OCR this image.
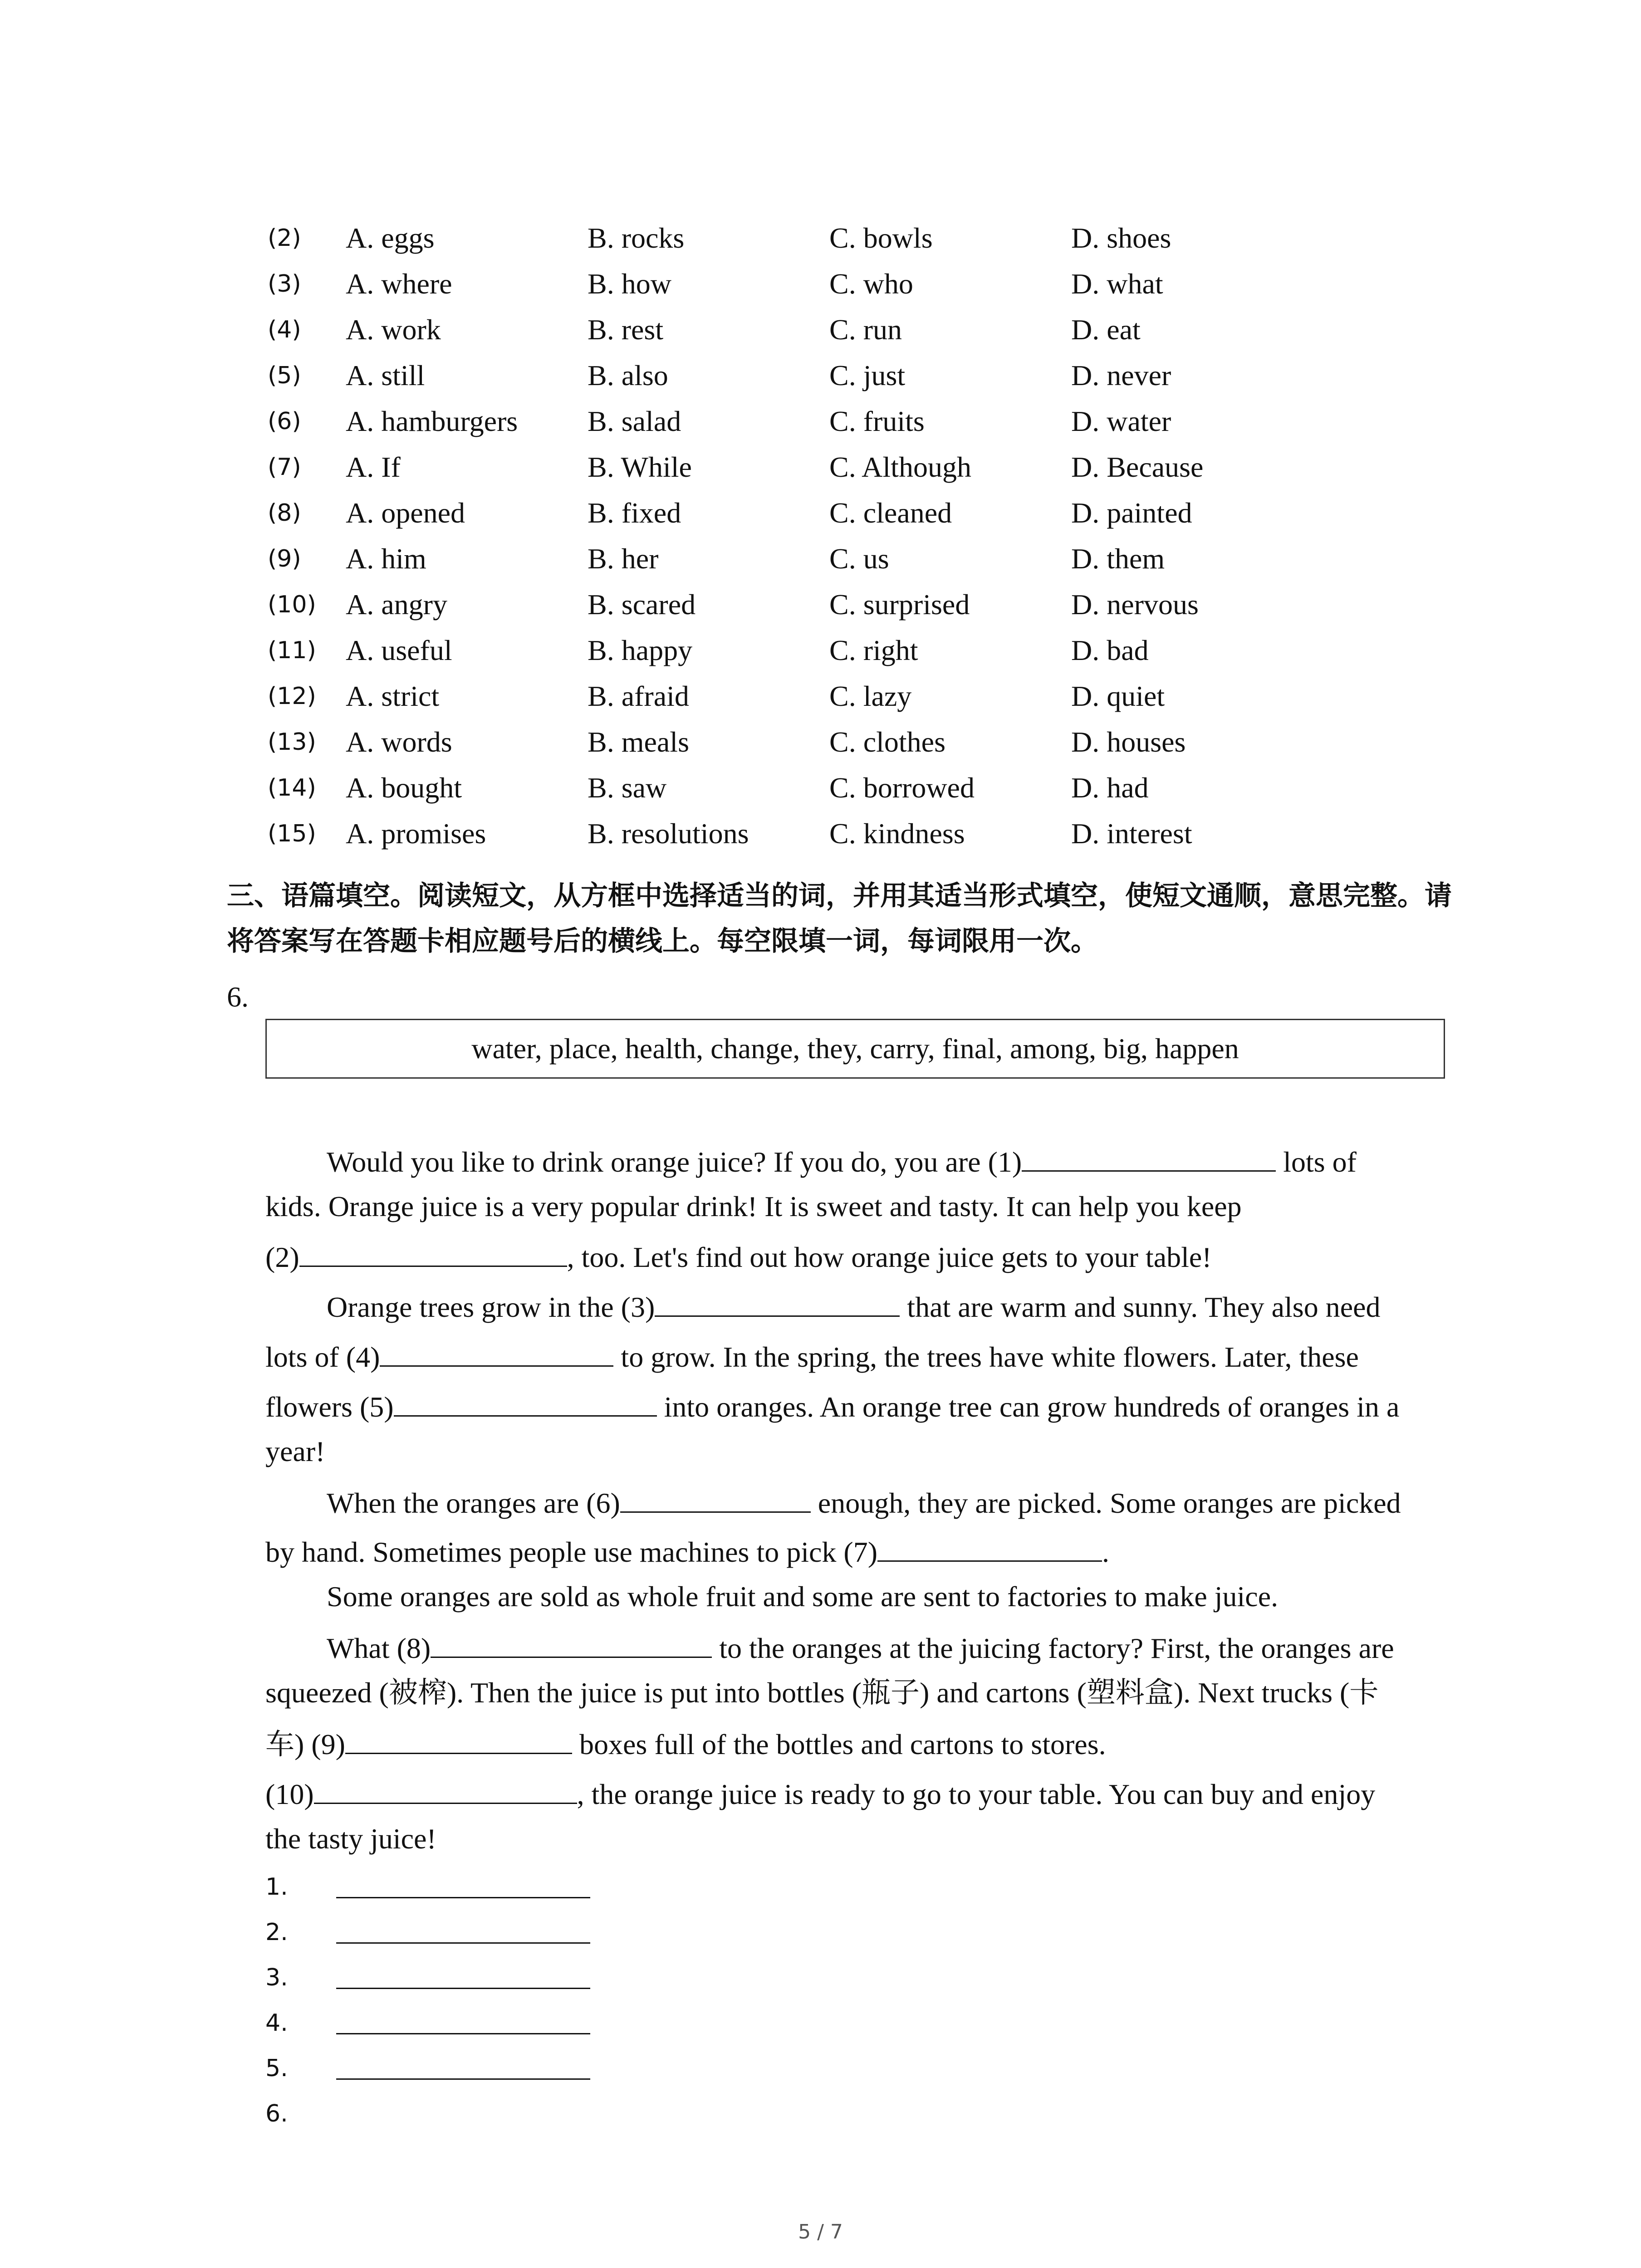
(2) A. eggs	B. rocks	C. bowls	D. shoes
(3) A. where	B. how	C. who	D. what
(4) A. work	B. rest	C. run	D. eat
(5) A. still	B. also	C. just	D. never
(6) A. hamburgers B. salad	C. fruits	D. water
(7) A. If	B. While	C. Although	D. Because
(8) A. opened	B. fixed	C. cleaned	D. painted
(9) A. him	B. her	C. us	D. them
(10) A. angry	B. scared	C. surprised	D. nervous
(11) A. useful	B. happy	C. right	D. bad
(12) A. strict	B. afraid	C. lazy	D. quiet
(13) A. words	B. meals	C. clothes	D. houses
(14) A. bought	B. saw	C. borrowed	D. had
(15) A. promises	B. resolutions	C. kindness	D. interest
三、语篇填空。阅读短文，从方框中选择适当的词，并用其适当形式填空，使短文通顺，意思完整。请将答案写在答题卡相应题号后的横线上。每空限填一词，每词限用一次。
6.
water, place, health, change, they, carry, final, among, big, happen
Would you like to drink orange juice? If you do, you are (1)	lots of
kids. Orange juice is a very popular drink! It is sweet and tasty. It can help you keep
(2)	, too. Let's find out how orange juice gets to your table!
Orange trees grow in the (3)	that are warm and sunny. They also need
lots of (4)	to grow. In the spring, the trees have white flowers. Later, these
flowers (5)	into oranges. An orange tree can grow hundreds of oranges in a
year!
When the oranges are (6)	enough, they are picked. Some oranges are picked
by hand. Sometimes people use machines to pick (7)	.
Some oranges are sold as whole fruit and some are sent to factories to make juice.
What (8)	to the oranges at the juicing factory? First, the oranges are
squeezed (被榨). Then the juice is put into bottles (瓶子) and cartons (塑料盒). Next trucks (卡
车) (9)	boxes full of the bottles and cartons to stores.
(10)	, the orange juice is ready to go to your table. You can buy and enjoy
the tasty juice!
1.
2.
3.
4.
5.
6.
5 / 7
